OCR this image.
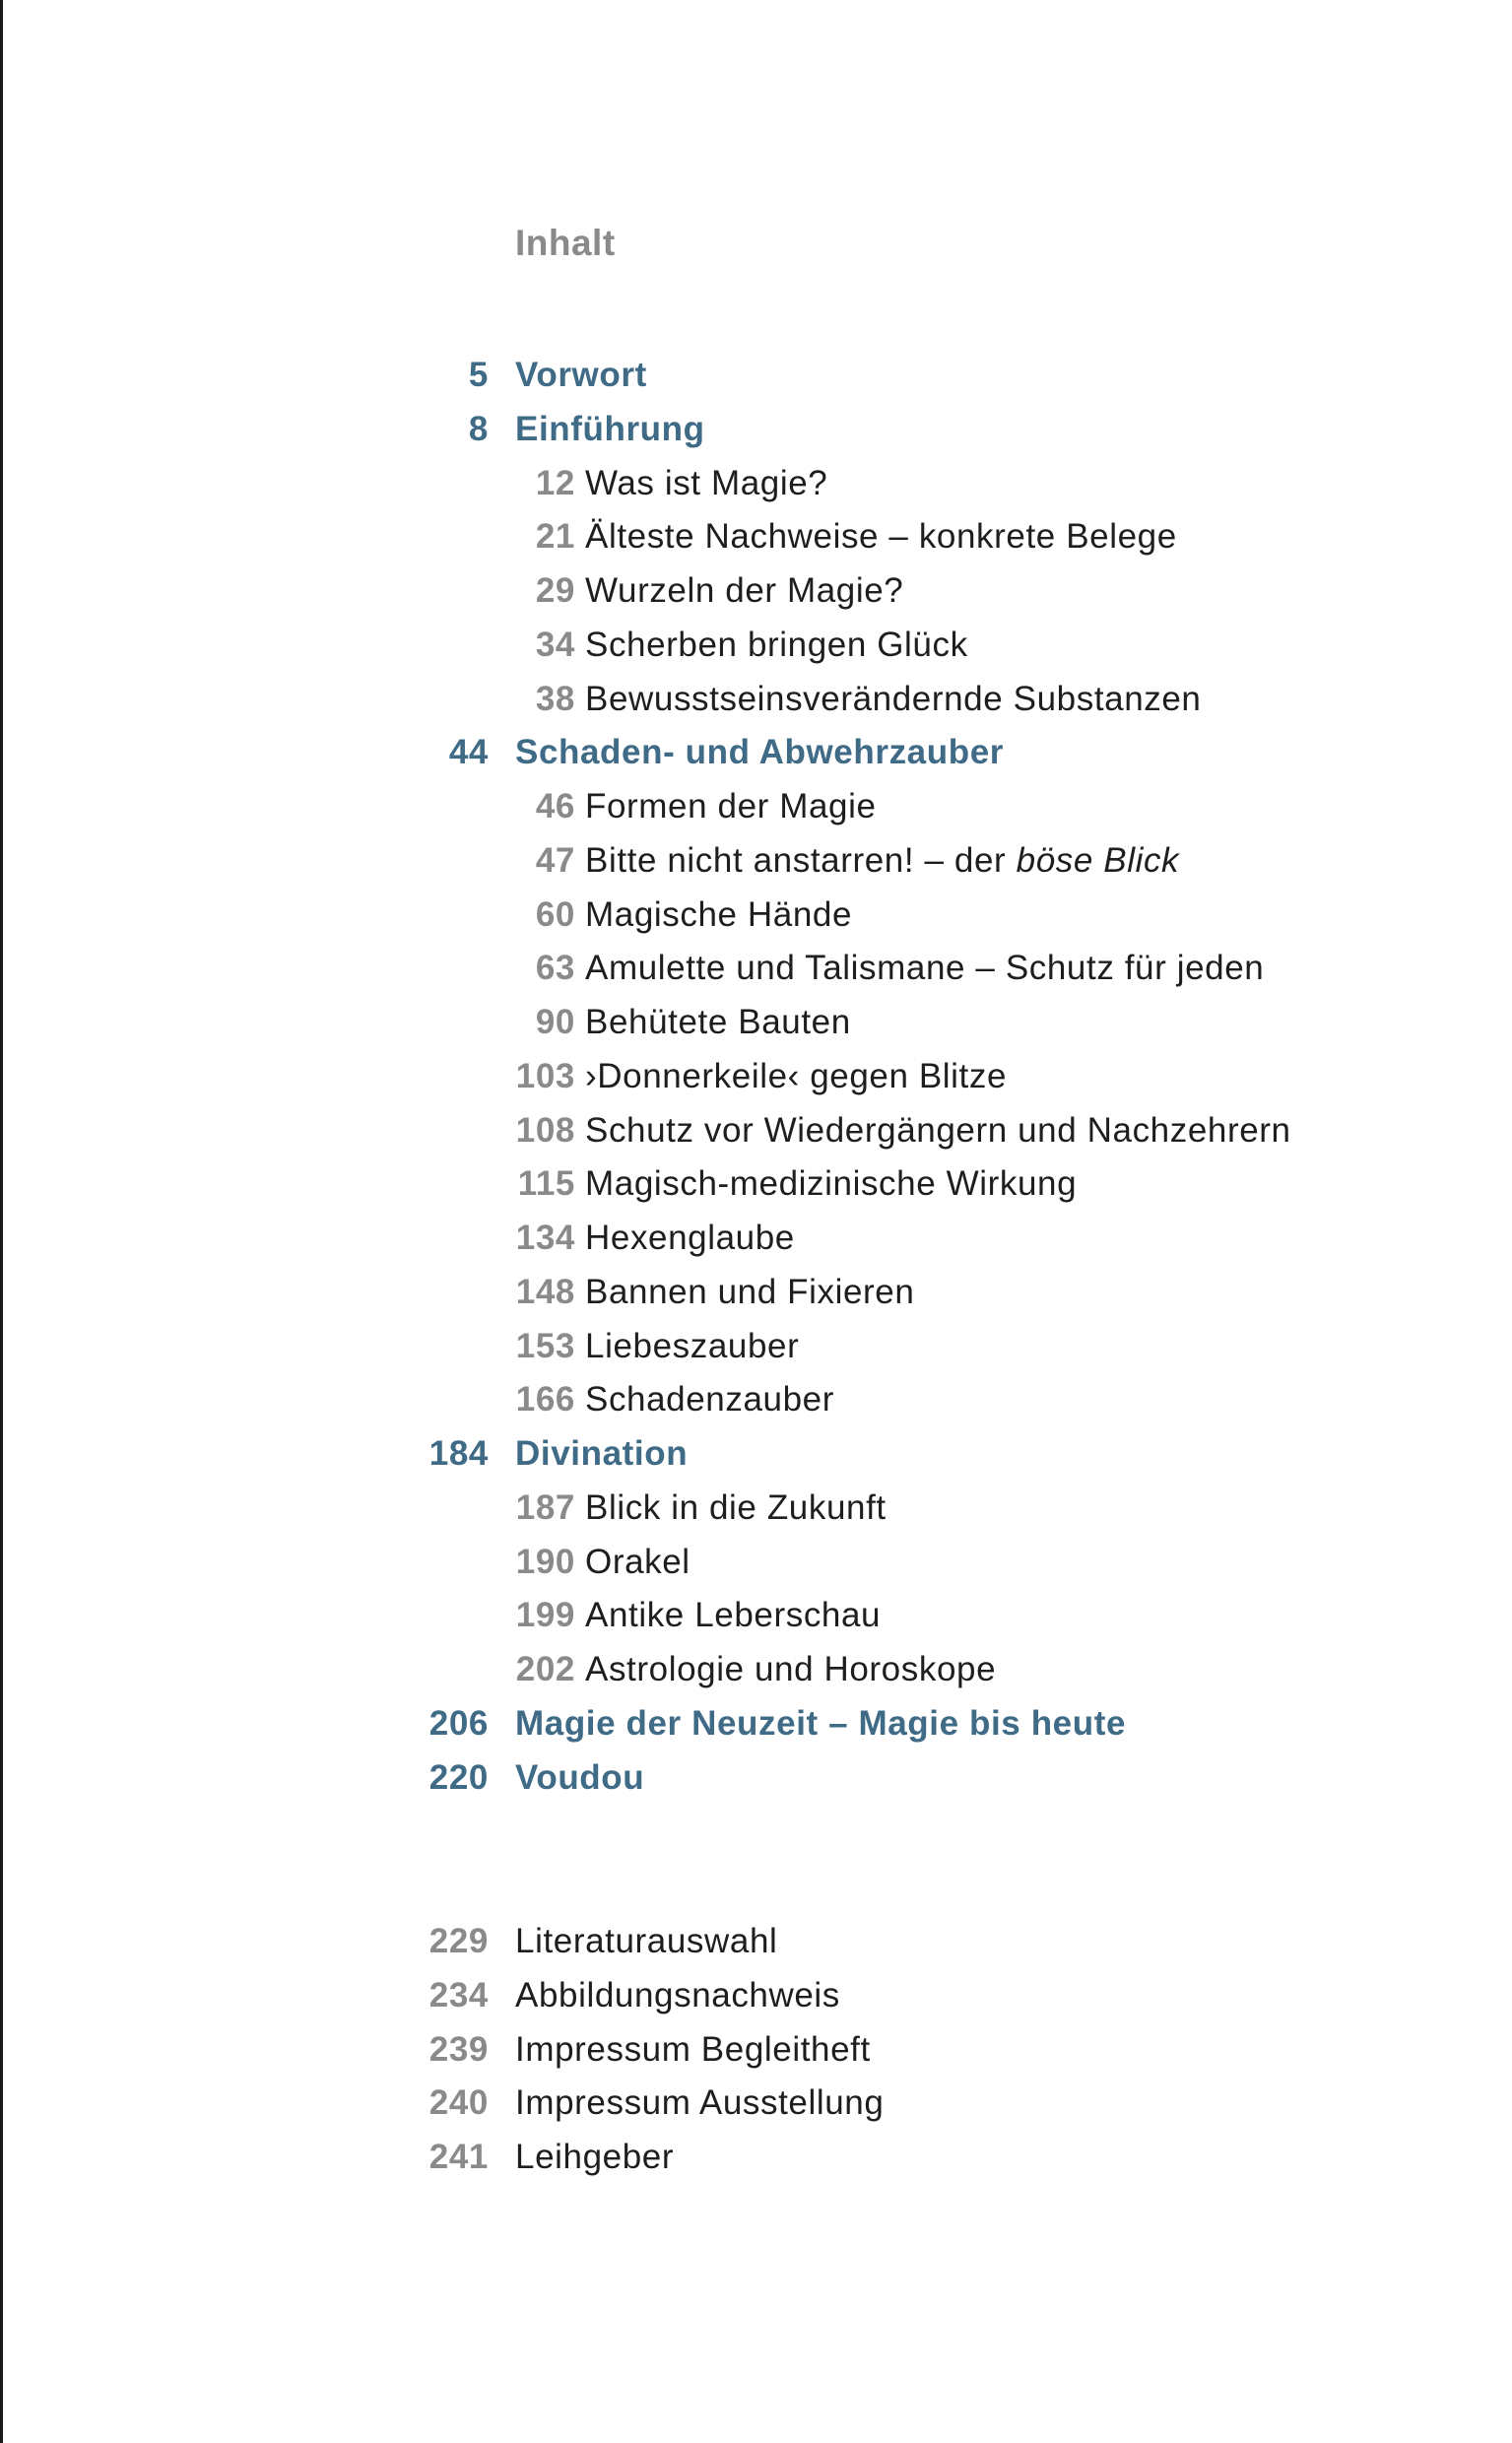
Inhalt
5 Vorwort
8 Einführung
12 Was ist Magie?
21 Älteste Nachweise – konkrete Belege
29 Wurzeln der Magie?
34 Scherben bringen Glück
38 Bewusstseinsverändernde Substanzen
44 Schaden- und Abwehrzauber
46 Formen der Magie
47 Bitte nicht anstarren! – der böse Blick
60 Magische Hände
63 Amulette und Talismane – Schutz für jeden
90 Behütete Bauten
103 ›Donnerkeile‹ gegen Blitze
108 Schutz vor Wiedergängern und Nachzehrern
115 Magisch-medizinische Wirkung
134 Hexenglaube
148 Bannen und Fixieren
153 Liebeszauber
166 Schadenzauber
184 Divination
187 Blick in die Zukunft
190 Orakel
199 Antike Leberschau
202 Astrologie und Horoskope
206 Magie der Neuzeit – Magie bis heute
220 Voudou
229 Literaturauswahl
234 Abbildungsnachweis
239 Impressum Begleitheft
240 Impressum Ausstellung
241 Leihgeber
